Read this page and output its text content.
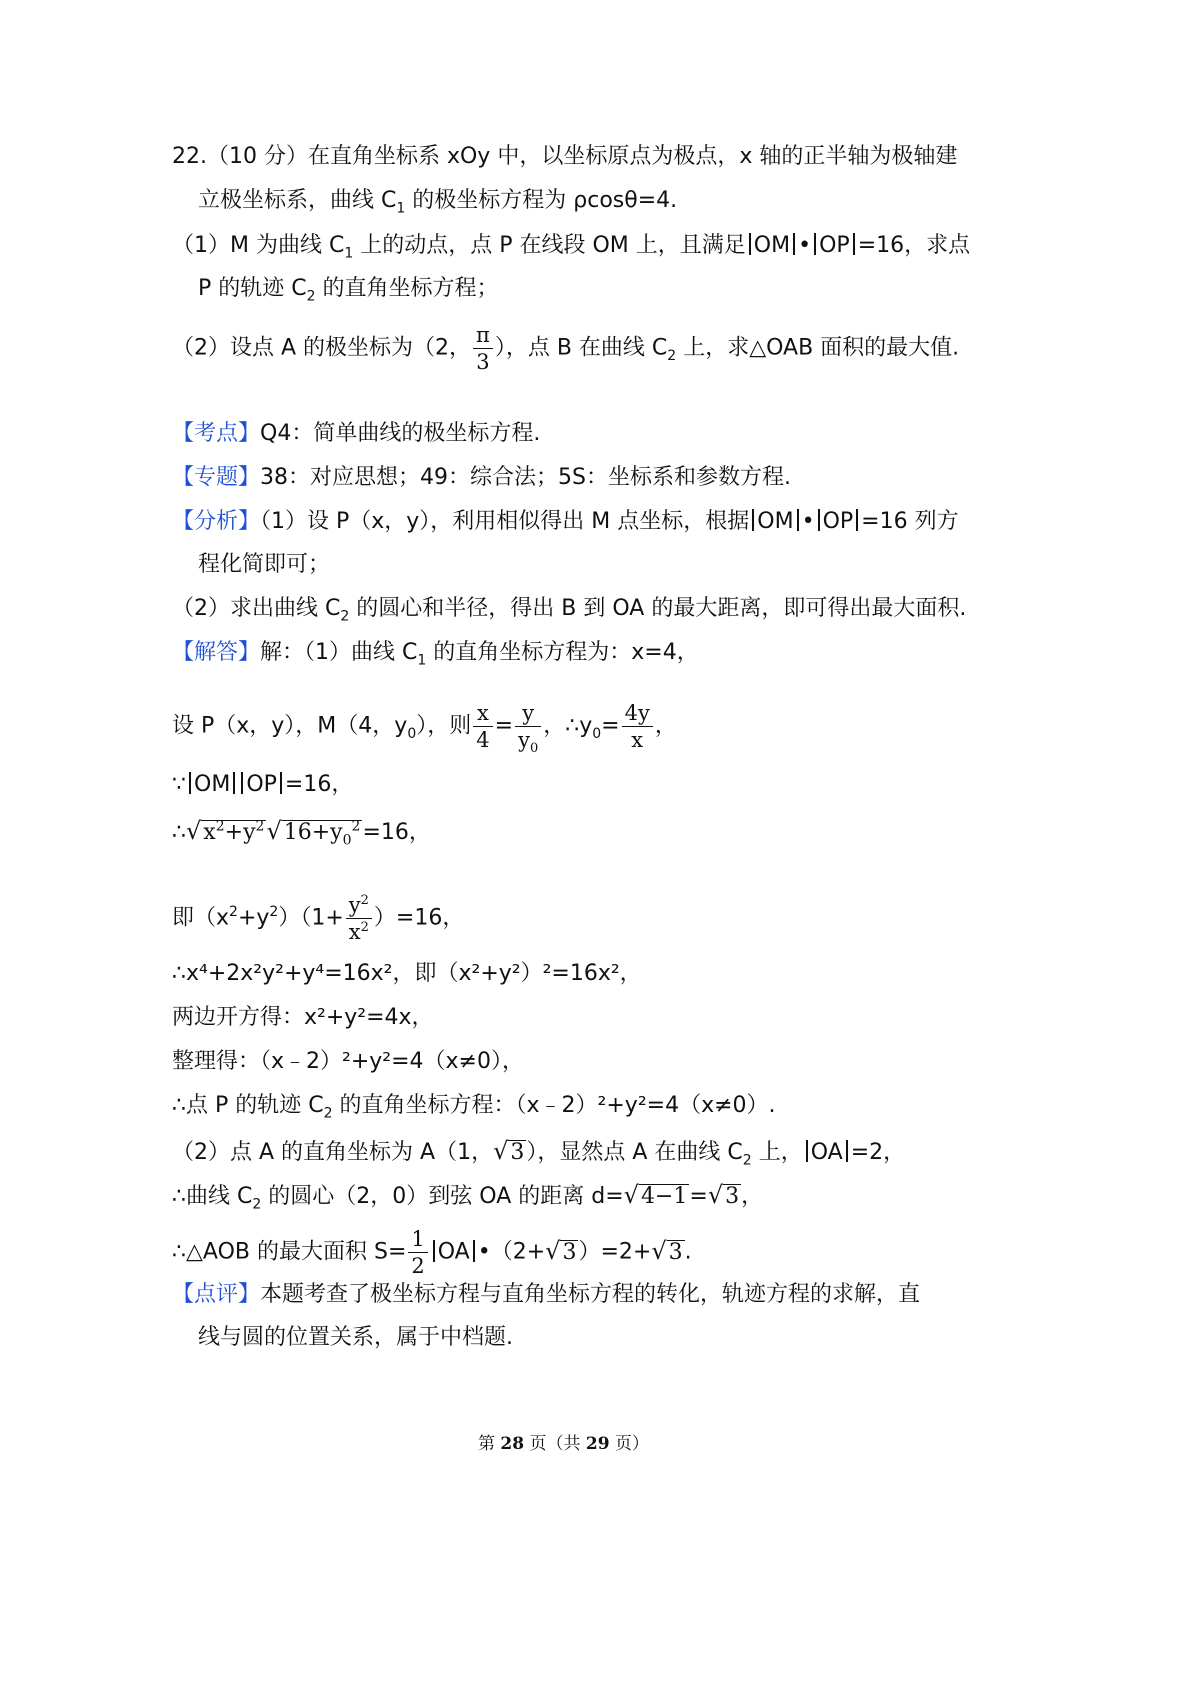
22.（10 分）在直角坐标系 xOy 中，以坐标原点为极点，x 轴的正半轴为极轴建
立极坐标系，曲线 $C_1$ 的极坐标方程为 ρcosθ=4.
（1）M 为曲线 $C_1$ 上的动点，点 P 在线段 OM 上，且满足 OM • OP =16，求点
P 的轨迹 $C_2$ 的直角坐标方程；
（2）设点 A 的极坐标为（2， $\frac{\pi}{3}$ ），点 B 在曲线 $C_2$ 上，求△OAB 面积的最大值.
【考点】Q4：简单曲线的极坐标方程.
【专题】38：对应思想；49：综合法；5S：坐标系和参数方程.
【分析】（1）设 P（x，y），利用相似得出 M 点坐标，根据 OM • OP =16 列方
程化简即可；
（2）求出曲线 $C_2$ 的圆心和半径，得出 B 到 OA 的最大距离，即可得出最大面积.
【解答】解：（1）曲线 $C_1$ 的直角坐标方程为：x=4，
设 P（x，y），M（4，$y_0$），则 $\frac{x}{4} = \frac{y}{y_0}$ ，$\therefore y_0= \frac{4y}{x}$ ，
∵ OM OP =16，
$\therefore√x^2+y^2√16+y_0^2=16$，
即$(x^2+y^2)(1+ \frac{y^2}{x^2} )=16$，
∴x⁴+2x²y²+y⁴=16x²，即（x²+y²）²=16x²，
两边开方得：x²+y²=4x，
整理得：（x﹣2）²+y²=4（x≠0），
∴点 P 的轨迹 $C_2$ 的直角坐标方程：（x﹣2）²+y²=4（x≠0）.
（2）点 A 的直角坐标为 A（1，√3），显然点 A 在曲线 $C_2$ 上， OA =2，
∴曲线 $C_2$ 的圆心（2，0）到弦 OA 的距离 d=√4−1=√3，
∴△AOB 的最大面积 $S= \frac{1}{2}$ OA •（2+√3）=2+√3.
【点评】本题考查了极坐标方程与直角坐标方程的转化，轨迹方程的求解，直
线与圆的位置关系，属于中档题.
第 28 页（共 29 页）
